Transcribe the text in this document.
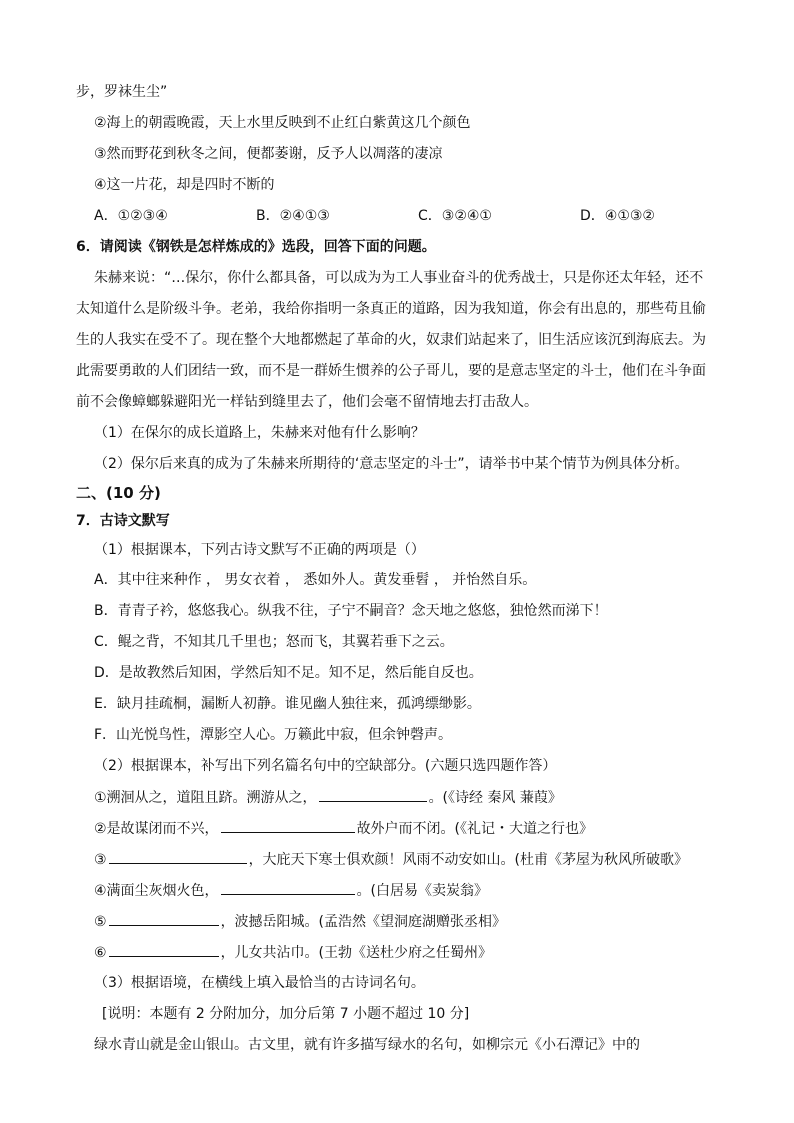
步，罗袜生尘”
②海上的朝霞晚霞，天上水里反映到不止红白紫黄这几个颜色
③然而野花到秋冬之间，便都萎谢，反予人以凋落的凄凉
④这一片花，却是四时不断的
A．①②③④	B．②④①③	C．③②④①	D．④①③②
6．请阅读《钢铁是怎样炼成的》选段，回答下面的问题。
朱赫来说：“…保尔，你什么都具备，可以成为为工人事业奋斗的优秀战士，只是你还太年轻，还不
太知道什么是阶级斗争。老弟，我给你指明一条真正的道路，因为我知道，你会有出息的，那些苟且偷
生的人我实在受不了。现在整个大地都燃起了革命的火，奴隶们站起来了，旧生活应该沉到海底去。为
此需要勇敢的人们团结一致，而不是一群娇生惯养的公子哥儿，要的是意志坚定的斗士，他们在斗争面
前不会像蟑螂躲避阳光一样钻到缝里去了，他们会毫不留情地去打击敌人。
（1）在保尔的成长道路上，朱赫来对他有什么影响？
（2）保尔后来真的成为了朱赫来所期待的‘意志坚定的斗士”，请举书中某个情节为例具体分析。
二、(10 分)
7．古诗文默写
（1）根据课本，下列古诗文默写不正确的两项是（）
A．其中往来种作 ， 男女衣着 ， 悉如外人。黄发垂髫 ， 并怡然自乐。
B．青青子衿，悠悠我心。纵我不往，子宁不嗣音？念天地之悠悠，独怆然而涕下！
C．鲲之背，不知其几千里也；怒而飞，其翼若垂下之云。
D．是故教然后知困，学然后知不足。知不足，然后能自反也。
E．缺月挂疏桐，漏断人初静。谁见幽人独往来，孤鸿缥缈影。
F．山光悦鸟性，潭影空人心。万籁此中寂，但余钟磬声。
（2）根据课本，补写出下列名篇名句中的空缺部分。(六题只选四题作答）
①溯洄从之，道阻且跻。溯游从之，	。(《诗经 秦风 蒹葭》
②是故谋闭而不兴，	故外户而不闭。(《礼记・大道之行也》
③	，大庇天下寒士俱欢颜！风雨不动安如山。(杜甫《茅屋为秋风所破歌》
④满面尘灰烟火色，	。(白居易《卖炭翁》
⑤	，波撼岳阳城。(孟浩然《望洞庭湖赠张丞相》
⑥	，儿女共沾巾。(王勃《送杜少府之任蜀州》
（3）根据语境，在横线上填入最恰当的古诗词名句。
[说明：本题有 2 分附加分，加分后第 7 小题不超过 10 分]
绿水青山就是金山银山。古文里，就有许多描写绿水的名句，如柳宗元《小石潭记》中的
